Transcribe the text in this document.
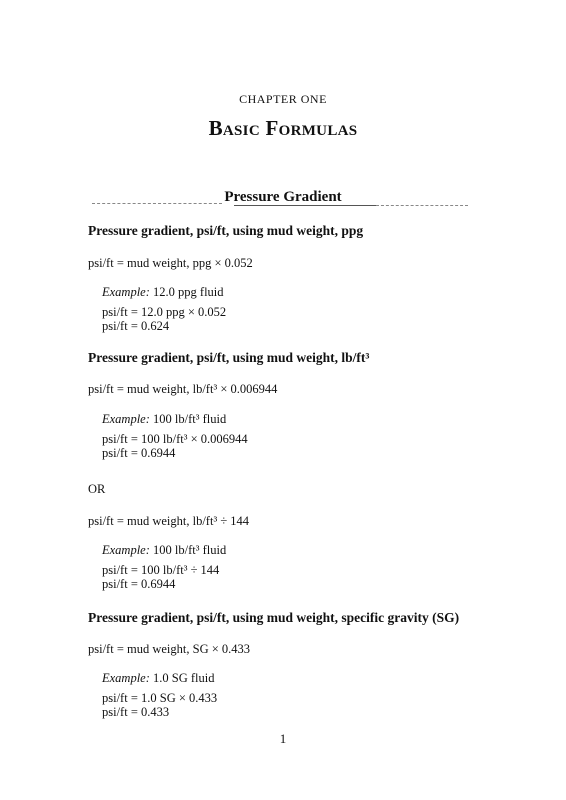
CHAPTER ONE
Basic Formulas
Pressure Gradient
Pressure gradient, psi/ft, using mud weight, ppg
psi/ft = mud weight, ppg × 0.052
Example: 12.0 ppg fluid
psi/ft = 12.0 ppg × 0.052
psi/ft = 0.624
Pressure gradient, psi/ft, using mud weight, lb/ft³
psi/ft = mud weight, lb/ft³ × 0.006944
Example: 100 lb/ft³ fluid
psi/ft = 100 lb/ft³ × 0.006944
psi/ft = 0.6944
OR
psi/ft = mud weight, lb/ft³ ÷ 144
Example: 100 lb/ft³ fluid
psi/ft = 100 lb/ft³ ÷ 144
psi/ft = 0.6944
Pressure gradient, psi/ft, using mud weight, specific gravity (SG)
psi/ft = mud weight, SG × 0.433
Example: 1.0 SG fluid
psi/ft = 1.0 SG × 0.433
psi/ft = 0.433
1
